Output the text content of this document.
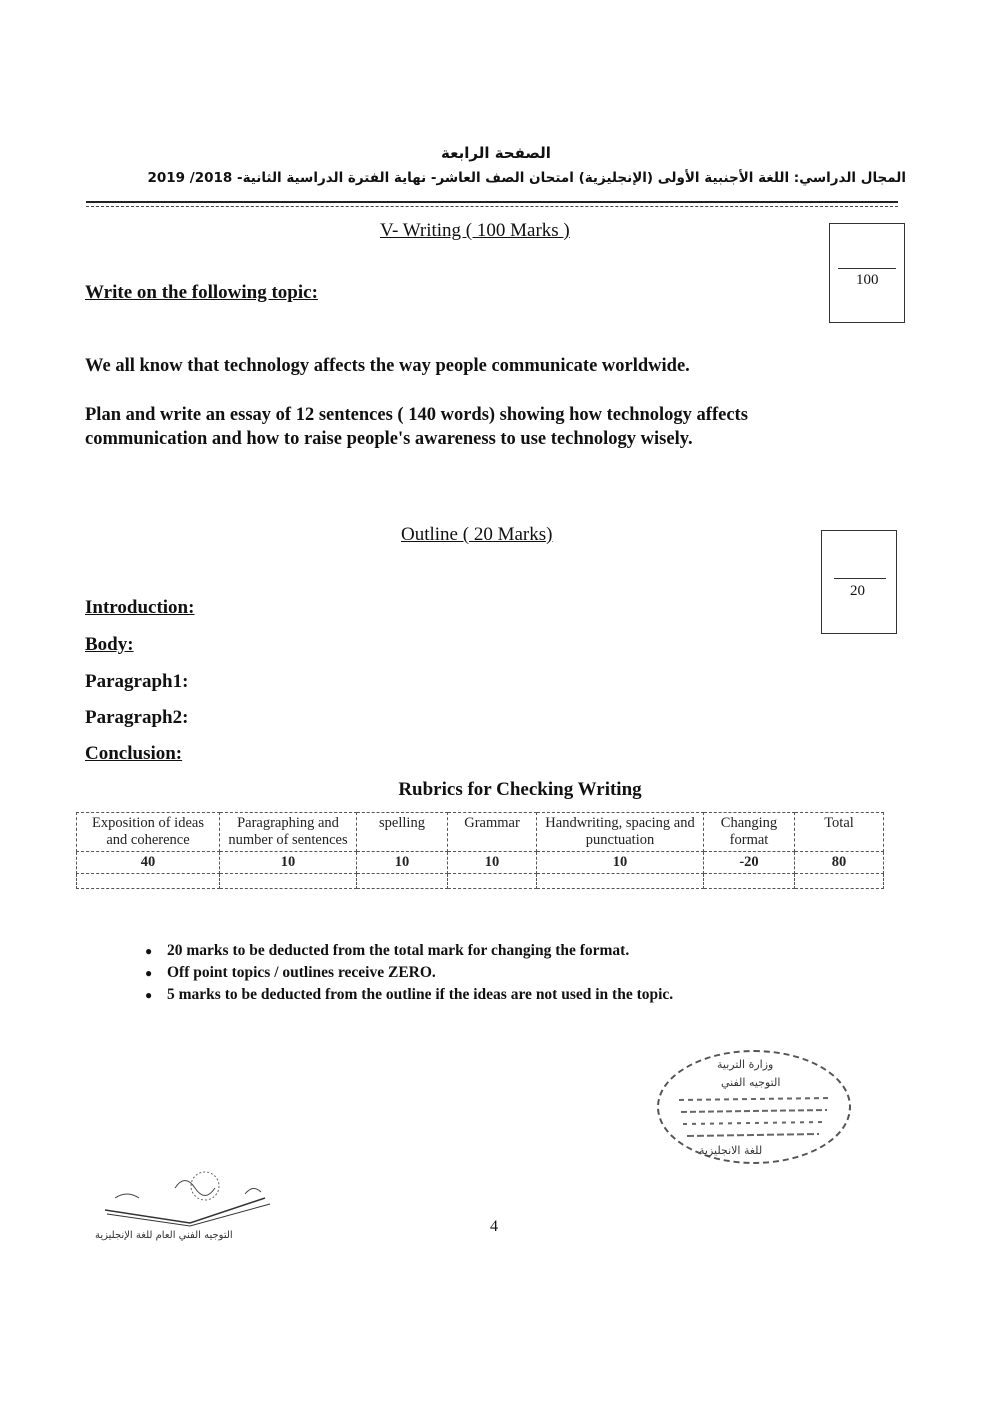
الصفحة الرابعة
المجال الدراسي: اللغة الأجنبية الأولى (الإنجليزية) امتحان الصف العاشر- نهاية الفترة الدراسية الثانية- 2018/ 2019
V- Writing ( 100 Marks )
100
Write on the following topic:
We all know that technology affects the way people communicate worldwide.
Plan and write an essay of 12 sentences ( 140 words) showing how technology affects
communication and how to raise people's awareness to use technology wisely.
Outline ( 20 Marks)
20
Introduction:
Body:
Paragraph1:
Paragraph2:
Conclusion:
Rubrics for Checking Writing
Exposition of ideas and coherence	Paragraphing and number of sentences	spelling	Grammar	Handwriting, spacing and punctuation	Changing format	Total
40	10	10	10	10	-20	80

● 20 marks to be deducted from the total mark for changing the format.
● Off point topics / outlines receive ZERO.
● 5 marks to be deducted from the outline if the ideas are not used in the topic.
وزارة التربية
التوجيه الفني
للغة الانجليزية
التوجيه الفني العام للغة الإنجليزية
4
